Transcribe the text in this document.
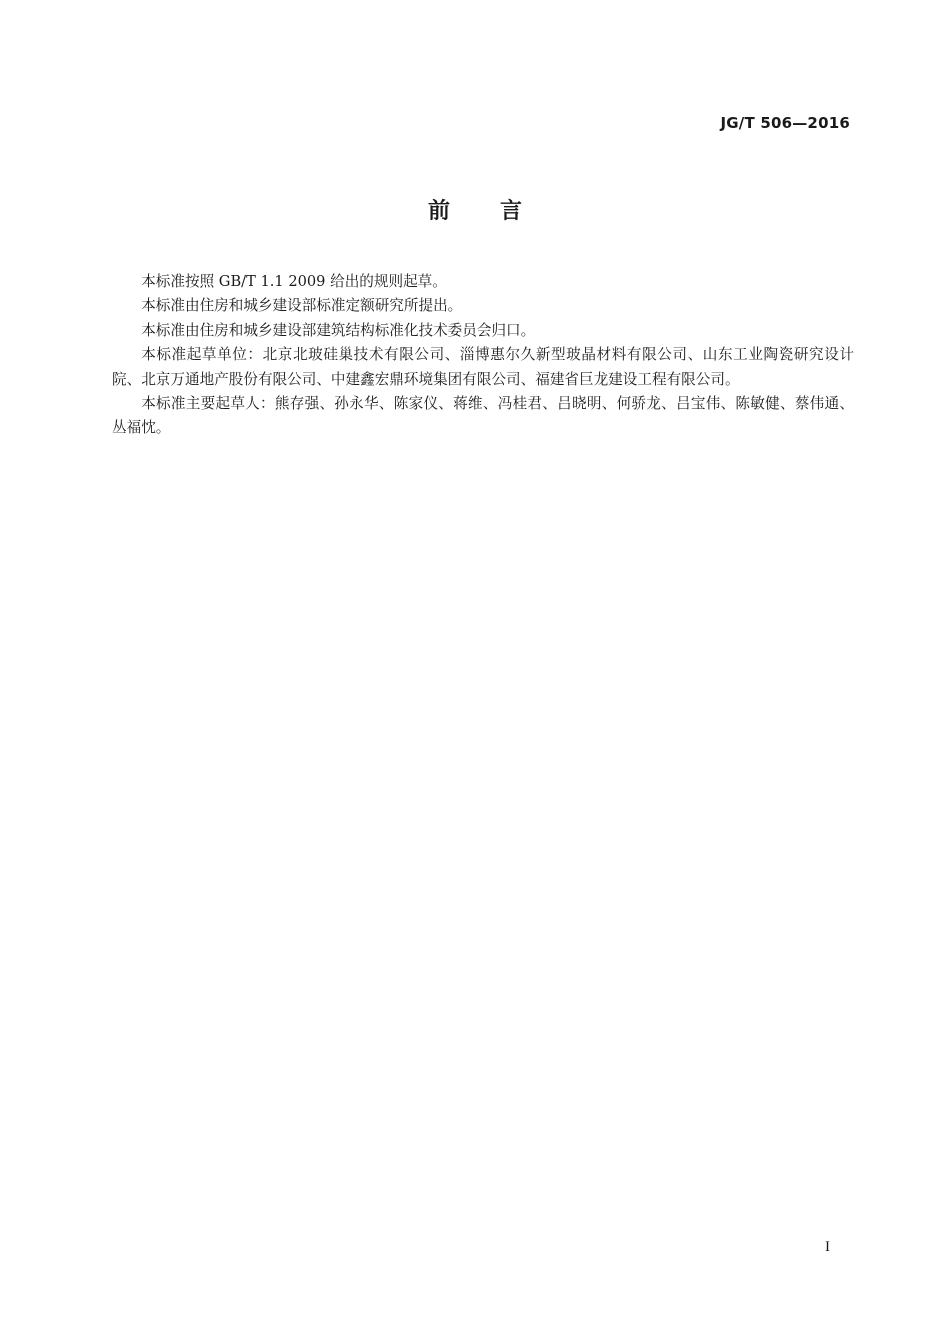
JG/T 506—2016
前 言

本标准按照 GB/T 1.1 2009 给出的规则起草。

本标准由住房和城乡建设部标准定额研究所提出。

本标准由住房和城乡建设部建筑结构标准化技术委员会归口。

本标准起草单位：北京北玻硅巢技术有限公司、淄博惠尔久新型玻晶材料有限公司、山东工业陶瓷研究设计院、北京万通地产股份有限公司、中建鑫宏鼎环境集团有限公司、福建省巨龙建设工程有限公司。

本标准主要起草人：熊存强、孙永华、陈家仪、蒋维、冯桂君、吕晓明、何骄龙、吕宝伟、陈敏健、蔡伟通、丛福忱。

I
